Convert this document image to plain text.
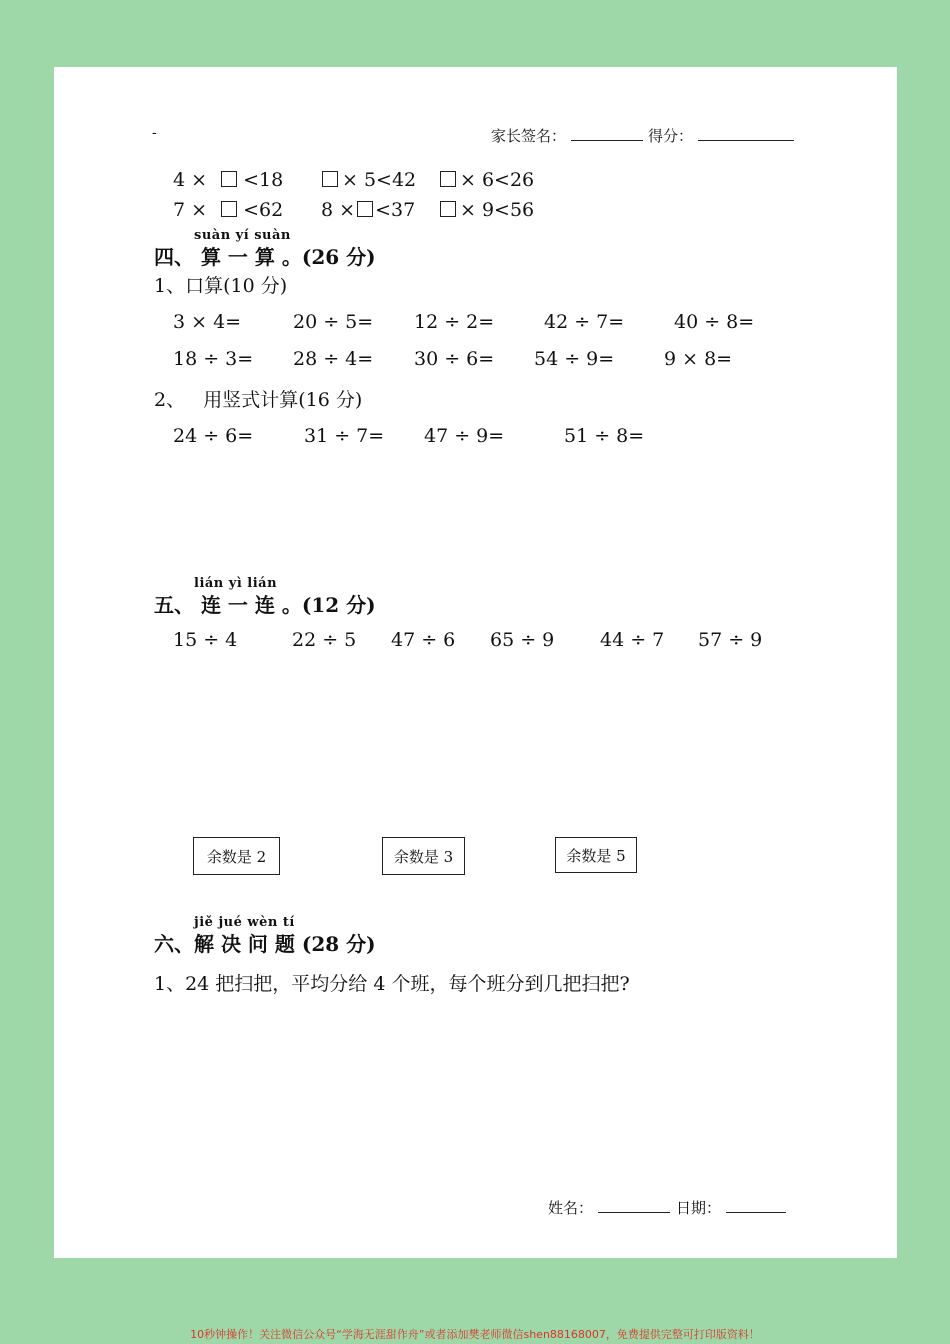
-	家长签名：	得分：
4 × <18	× 5<42	× 6<26
7 × <62 8 × <37	× 9<56
suàn yí suàn
四、 算 一 算 。(26 分)
1、口算(10 分)
3 × 4=	20 ÷ 5= 12 ÷ 2=	42 ÷ 7=	40 ÷ 8=
18 ÷ 3= 28 ÷ 4= 30 ÷ 6= 54 ÷ 9=	9 × 8=
2、   用竖式计算(16 分)
24 ÷ 6=	31 ÷ 7= 47 ÷ 9=	51 ÷ 8=
lián yì lián
五、 连 一 连 。(12 分)
15 ÷ 4	22 ÷ 5 47 ÷ 6 65 ÷ 9 44 ÷ 7 57 ÷ 9
余数是 2	余数是 3	余数是 5
jiě jué wèn tí
六、解 决 问 题 (28 分)
1、24 把扫把，平均分给 4 个班，每个班分到几把扫把?
姓名：	日期：
10秒钟操作！关注微信公众号“学海无涯甜作舟”或者添加樊老师微信shen88168007，免费提供完整可打印版资料！
